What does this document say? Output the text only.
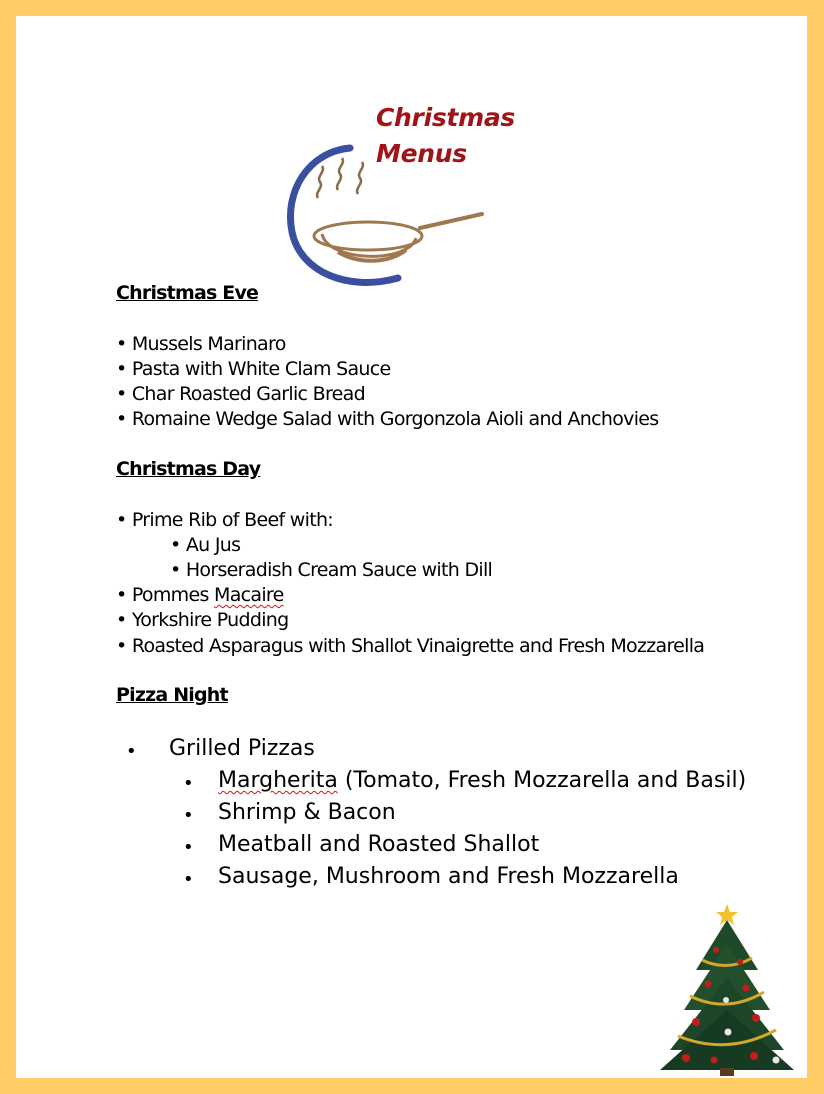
Christmas
Menus
Christmas Eve
• Mussels Marinaro
• Pasta with White Clam Sauce
• Char Roasted Garlic Bread
• Romaine Wedge Salad with Gorgonzola Aioli and Anchovies
Christmas Day
• Prime Rib of Beef with:
• Au Jus
• Horseradish Cream Sauce with Dill
• Pommes Macaire
• Yorkshire Pudding
• Roasted Asparagus with Shallot Vinaigrette and Fresh Mozzarella
Pizza Night
• Grilled Pizzas
• Margherita (Tomato, Fresh Mozzarella and Basil)
• Shrimp & Bacon
• Meatball and Roasted Shallot
• Sausage, Mushroom and Fresh Mozzarella
